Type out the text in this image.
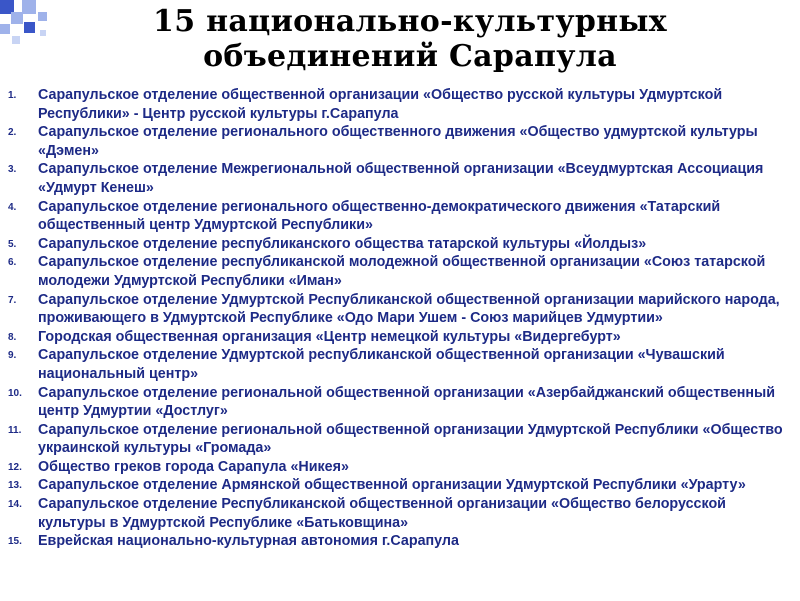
15 национально-культурных
объединений Сарапула
1. Сарапульское отделение общественной организации «Общество русской культуры Удмуртской Республики» - Центр русской культуры г.Сарапула
2. Сарапульское отделение регионального общественного движения «Общество удмуртской культуры «Дэмен»
3. Сарапульское отделение Межрегиональной общественной организации «Всеудмуртская Ассоциация «Удмурт Кенеш»
4. Сарапульское отделение регионального общественно-демократического движения «Татарский общественный центр Удмуртской Республики»
5. Сарапульское отделение республиканского общества татарской культуры «Йолдыз»
6. Сарапульское отделение республиканской молодежной общественной организации «Союз татарской молодежи Удмуртской Республики «Иман»
7. Сарапульское отделение Удмуртской Республиканской общественной организации марийского народа, проживающего в Удмуртской Республике «Одо Мари Ушем - Союз марийцев Удмуртии»
8. Городская общественная организация «Центр немецкой культуры «Видергебурт»
9. Сарапульское отделение Удмуртской республиканской общественной организации «Чувашский национальный центр»
10. Сарапульское отделение региональной общественной организации «Азербайджанский общественный центр Удмуртии «Достлуг»
11. Сарапульское отделение региональной общественной организации Удмуртской Республики «Общество украинской культуры «Громада»
12. Общество греков города Сарапула «Никея»
13. Сарапульское отделение Армянской общественной организации Удмуртской Республики «Урарту»
14. Сарапульское отделение Республиканской общественной организации «Общество белорусской культуры в Удмуртской Республике «Батьковщина»
15. Еврейская национально-культурная автономия г.Сарапула
